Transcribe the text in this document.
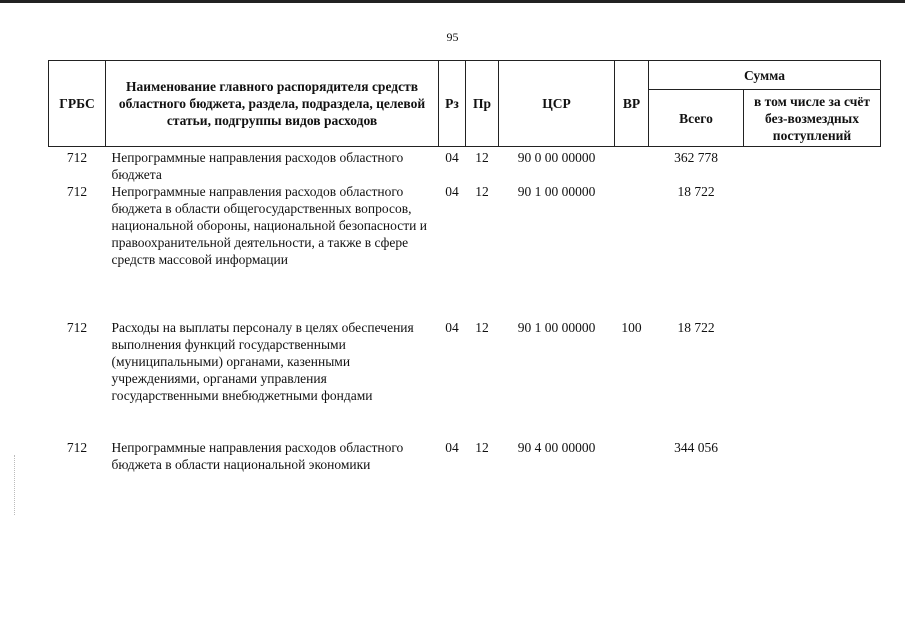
95
ГРБС	Наименование главного распорядителя средств областного бюджета, раздела, подраздела, целевой статьи, подгруппы видов расходов	Рз	Пр	ЦСР	ВР	Сумма	
						Всего	в том числе за счёт без-возмездных поступлений
712	Непрограммные направления расходов областного бюджета	04	12	90 0 00 00000		362 778	
712	Непрограммные направления расходов областного бюджета в области общегосударственных вопросов, национальной обороны, национальной безопасности и правоохранительной деятельности, а также в сфере средств массовой информации	04	12	90 1 00 00000		18 722	
712	Расходы на выплаты персоналу в целях обеспечения выполнения функций государственными (муниципальными) органами, казенными учреждениями, органами управления государственными внебюджетными фондами	04	12	90 1 00 00000	100	18 722	
712	Непрограммные направления расходов областного бюджета в области национальной экономики	04	12	90 4 00 00000		344 056	
